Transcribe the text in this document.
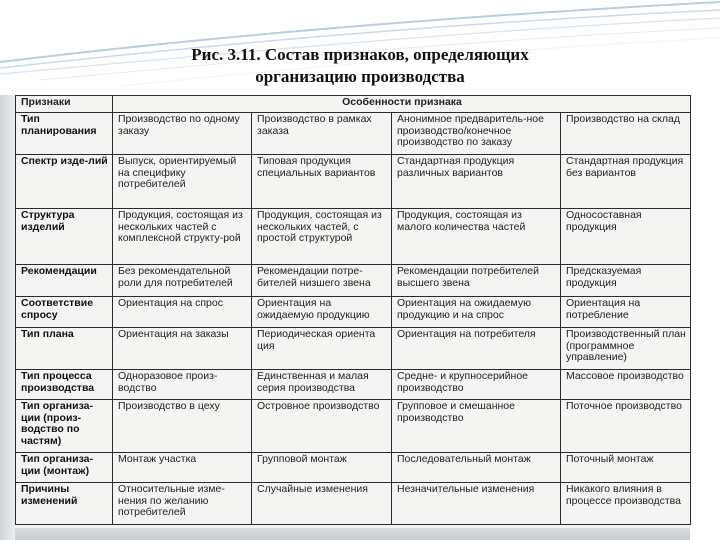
Рис. 3.11. Состав признаков, определяющих
организацию производства
Признаки	Особенности признака			
Тип планирования	Производство по одному заказу	Производство в рамках заказа	Анонимное предваритель-ное производство/конечное производство по заказу	Производство на склад
Спектр изде-лий	Выпуск, ориентируемый на специфику потребителей	Типовая продукция специальных вариантов	Стандартная продукция различных вариантов	Стандартная продукция без вариантов
Структура изделий	Продукция, состоящая из нескольких частей с комплексной структу-рой	Продукция, состоящая из нескольких частей, с простой структурой	Продукция, состоящая из малого количества частей	Односоставная продукция
Рекомендации	Без рекомендательной роли для потребителей	Рекомендации потре-бителей низшего звена	Рекомендации потребителей высшего звена	Предсказуемая продукция
Соответствие спросу	Ориентация на спрос	Ориентация на ожидаемую продукцию	Ориентация на ожидаемую продукцию и на спрос	Ориентация на потребление
Тип плана	Ориентация на заказы	Периодическая ориента ция	Ориентация на потребителя	Производственный план (программное управление)
Тип процесса производства	Одноразовое произ-водство	Единственная и малая серия производства	Средне- и крупносерийное производство	Массовое производство
Тип организа-ции (произ-водство по частям)	Производство в цеху	Островное производство	Групповое и смешанное производство	Поточное производство
Тип организа-ции (монтаж)	Монтаж участка	Групповой монтаж	Последовательный монтаж	Поточный монтаж
Причины изменений	Относительные изме-нения по желанию потребителей	Случайные изменения	Незначительные изменения	Никакого влияния в процессе производства
